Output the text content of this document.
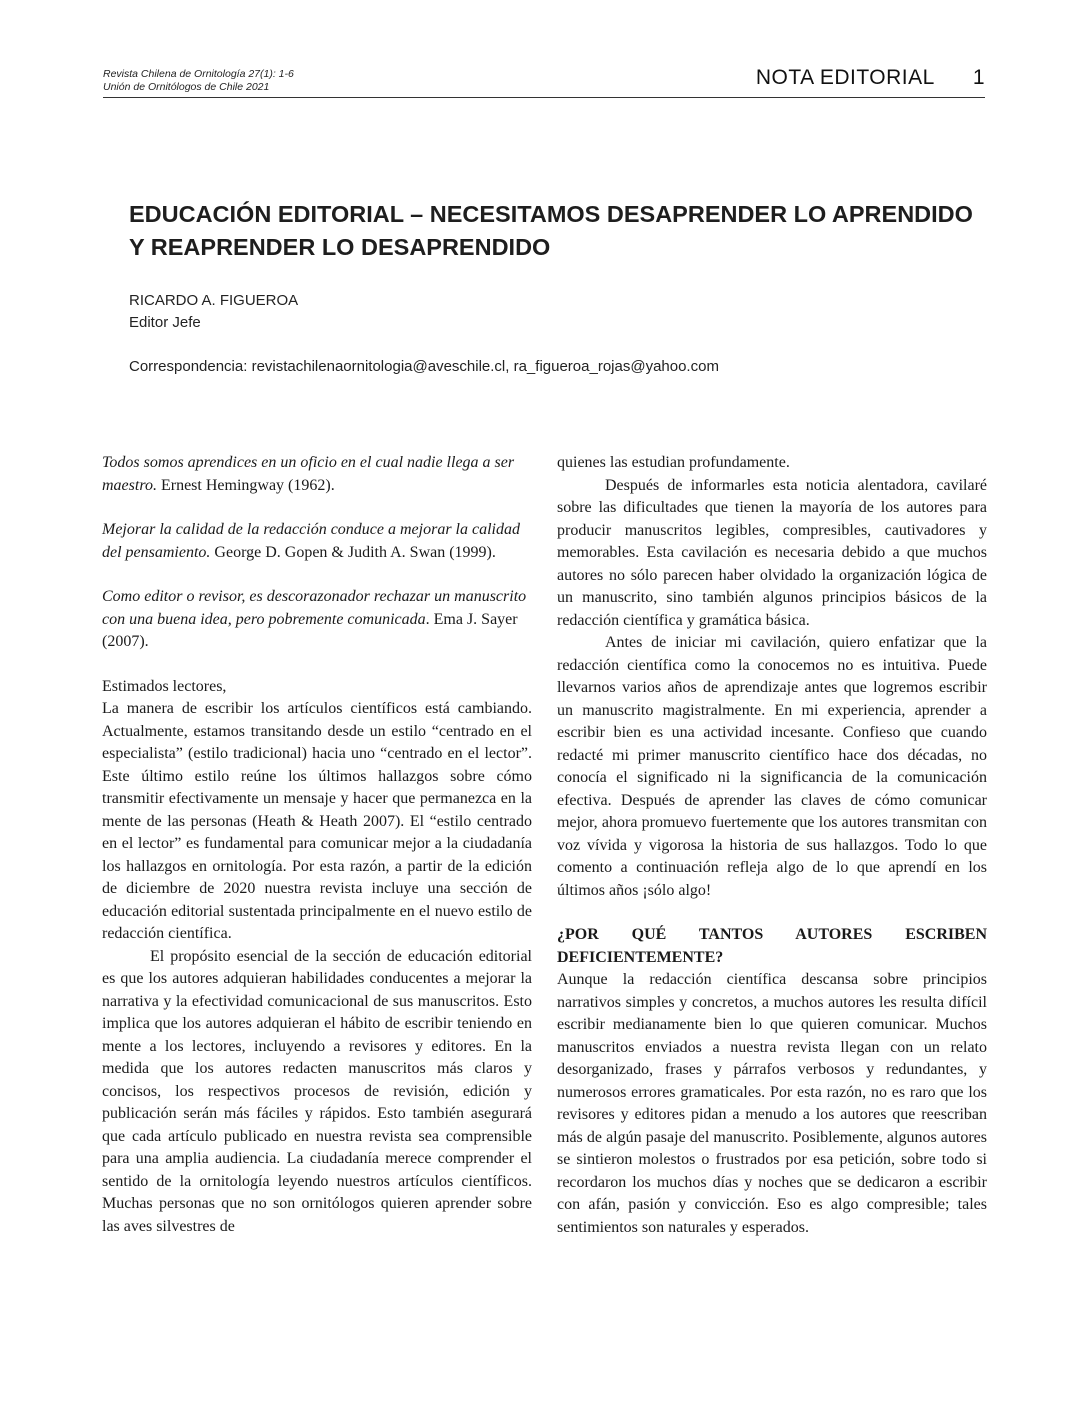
Revista Chilena de Ornitología 27(1): 1-6
Unión de Ornitólogos de Chile 2021	NOTA EDITORIAL 1
EDUCACIÓN EDITORIAL – NECESITAMOS DESAPRENDER LO APRENDIDO
Y REAPRENDER LO DESAPRENDIDO
RICARDO A. FIGUEROA
Editor Jefe
Correspondencia: revistachilenaornitologia@aveschile.cl, ra_figueroa_rojas@yahoo.com

Todos somos aprendices en un oficio en el cual nadie llega a ser maestro. Ernest Hemingway (1962).

Mejorar la calidad de la redacción conduce a mejorar la calidad del pensamiento. George D. Gopen & Judith A. Swan (1999).

Como editor o revisor, es descorazonador rechazar un manuscrito con una buena idea, pero pobremente comunicada. Ema J. Sayer (2007).

Estimados lectores,

La manera de escribir los artículos científicos está cambiando. Actualmente, estamos transitando desde un estilo “centrado en el especialista” (estilo tradicional) hacia uno “centrado en el lector”. Este último estilo reúne los últimos hallazgos sobre cómo transmitir efectivamente un mensaje y hacer que permanezca en la mente de las personas (Heath & Heath 2007). El “estilo centrado en el lector” es fundamental para comunicar mejor a la ciudadanía los hallazgos en ornitología. Por esta razón, a partir de la edición de diciembre de 2020 nuestra revista incluye una sección de educación editorial sustentada principalmente en el nuevo estilo de redacción científica.

El propósito esencial de la sección de educación editorial es que los autores adquieran habilidades conducentes a mejorar la narrativa y la efectividad comunicacional de sus manuscritos. Esto implica que los autores adquieran el hábito de escribir teniendo en mente a los lectores, incluyendo a revisores y editores. En la medida que los autores redacten manuscritos más claros y concisos, los respectivos procesos de revisión, edición y publicación serán más fáciles y rápidos. Esto también asegurará que cada artículo publicado en nuestra revista sea comprensible para una amplia audiencia. La ciudadanía merece comprender el sentido de la ornitología leyendo nuestros artículos científicos. Muchas personas que no son ornitólogos quieren aprender sobre las aves silvestres de

quienes las estudian profundamente.

Después de informarles esta noticia alentadora, cavilaré sobre las dificultades que tienen la mayoría de los autores para producir manuscritos legibles, compresibles, cautivadores y memorables. Esta cavilación es necesaria debido a que muchos autores no sólo parecen haber olvidado la organización lógica de un manuscrito, sino también algunos principios básicos de la redacción científica y gramática básica.

Antes de iniciar mi cavilación, quiero enfatizar que la redacción científica como la conocemos no es intuitiva. Puede llevarnos varios años de aprendizaje antes que logremos escribir un manuscrito magistralmente. En mi experiencia, aprender a escribir bien es una actividad incesante. Confieso que cuando redacté mi primer manuscrito científico hace dos décadas, no conocía el significado ni la significancia de la comunicación efectiva. Después de aprender las claves de cómo comunicar mejor, ahora promuevo fuertemente que los autores transmitan con voz vívida y vigorosa la historia de sus hallazgos. Todo lo que comento a continuación refleja algo de lo que aprendí en los últimos años ¡sólo algo!

¿POR QUÉ TANTOS AUTORES ESCRIBEN DEFICIENTEMENTE?

Aunque la redacción científica descansa sobre principios narrativos simples y concretos, a muchos autores les resulta difícil escribir medianamente bien lo que quieren comunicar. Muchos manuscritos enviados a nuestra revista llegan con un relato desorganizado, frases y párrafos verbosos y redundantes, y numerosos errores gramaticales. Por esta razón, no es raro que los revisores y editores pidan a menudo a los autores que reescriban más de algún pasaje del manuscrito. Posiblemente, algunos autores se sintieron molestos o frustrados por esa petición, sobre todo si recordaron los muchos días y noches que se dedicaron a escribir con afán, pasión y convicción. Eso es algo compresible; tales sentimientos son naturales y esperados.
